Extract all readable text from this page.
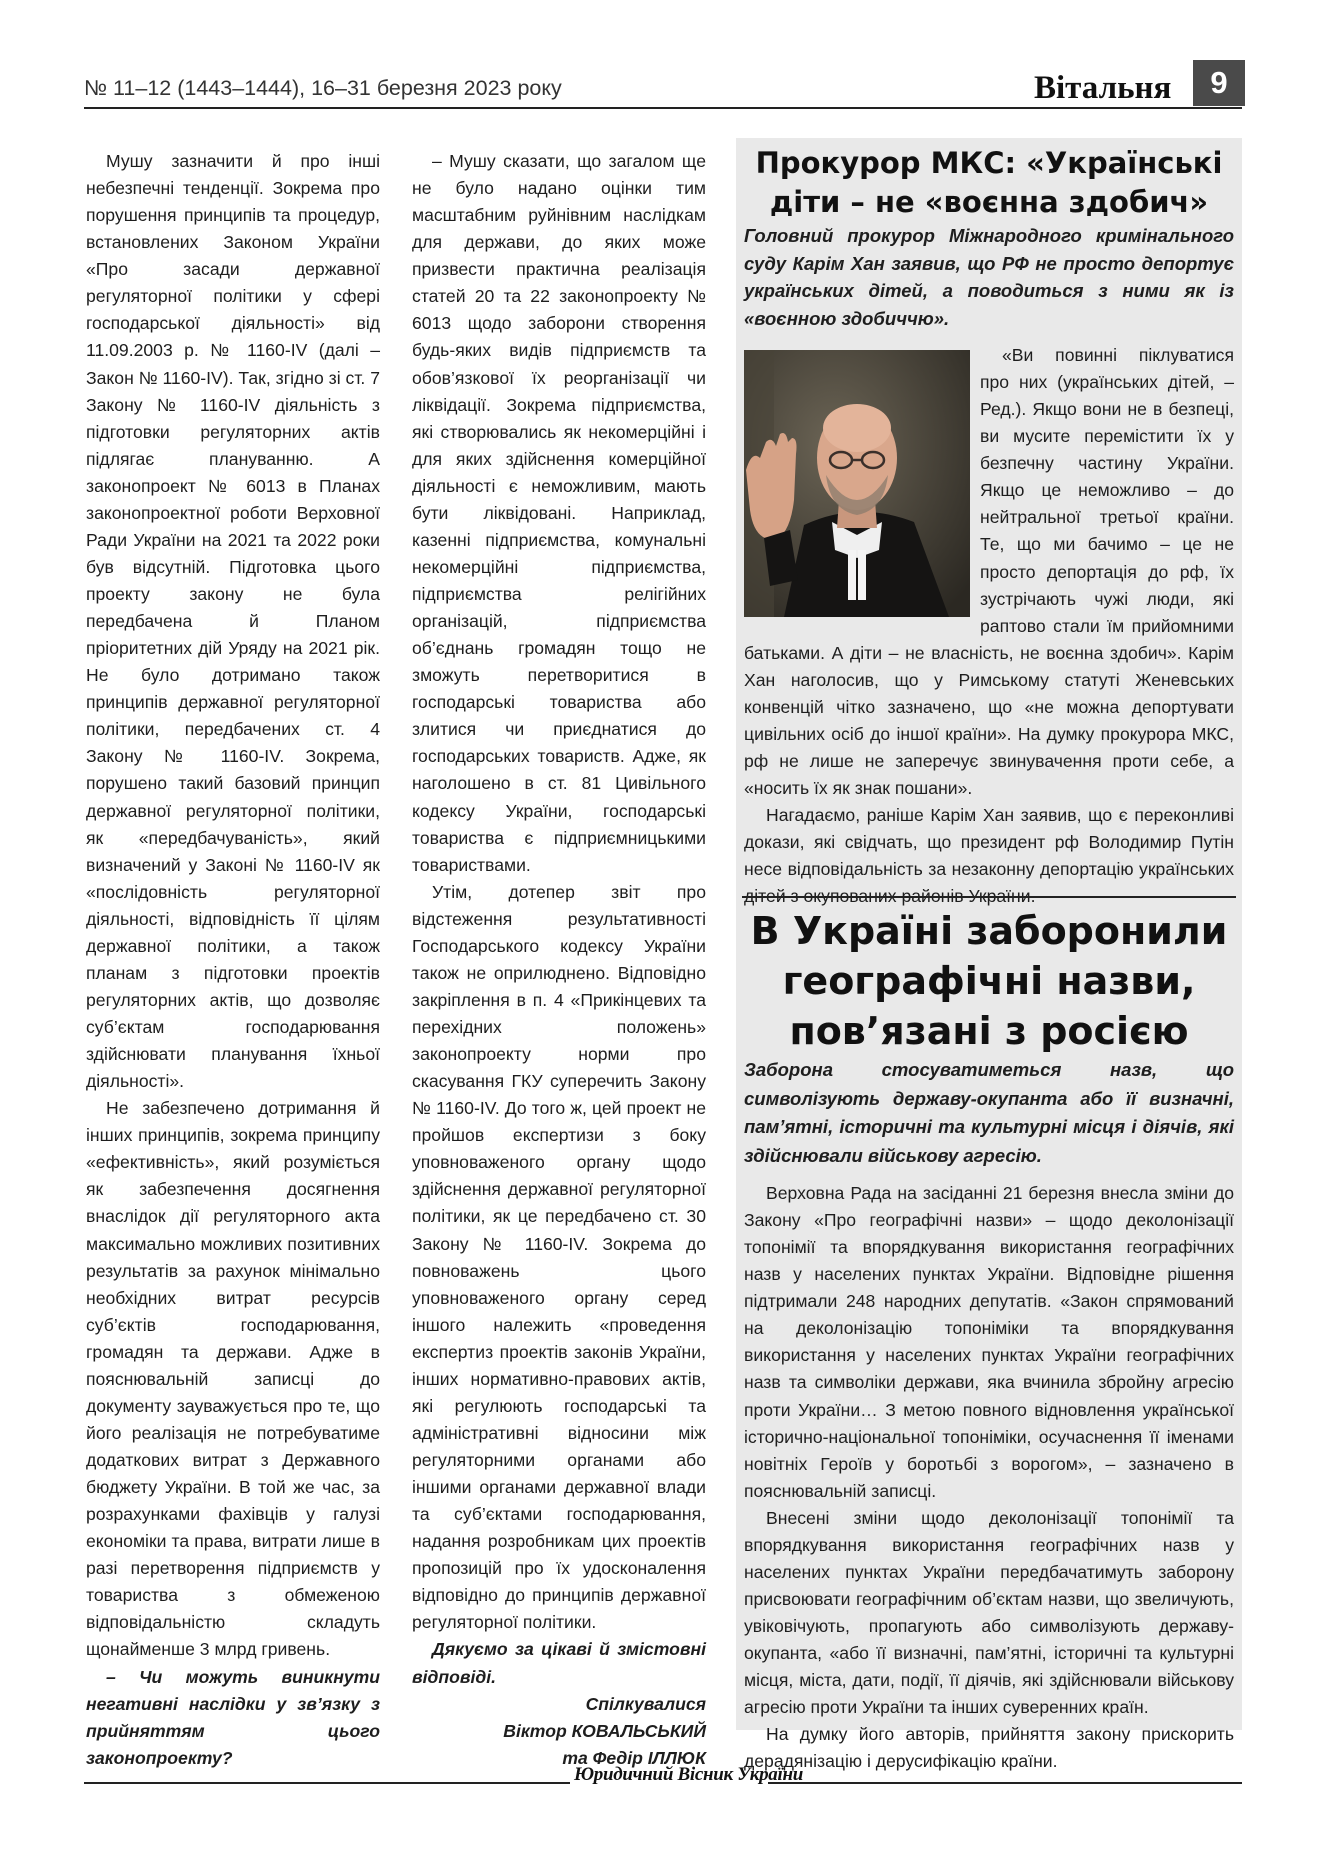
№ 11–12 (1443–1444), 16–31 березня 2023 року	Вітальня	9

Мушу зазначити й про інші небезпечні тенденції. Зокрема про порушення принципів та процедур, встановлених Законом України «Про засади державної регуляторної політики у сфері господарської діяльності» від 11.09.2003 р. № 1160-IV (далі – Закон № 1160-IV). Так, згідно зі ст. 7 Закону № 1160-IV діяльність з підготовки регуляторних актів підлягає плануванню. А законопроект № 6013 в Планах законопроектної роботи Верховної Ради України на 2021 та 2022 роки був відсутній. Підготовка цього проекту закону не була передбачена й Планом пріоритетних дій Уряду на 2021 рік. Не було дотримано також принципів державної регуляторної політики, передбачених ст. 4 Закону № 1160-IV. Зокрема, порушено такий базовий принцип державної регуляторної політики, як «передбачуваність», який визначений у Законі № 1160-IV як «послідовність регуляторної діяльності, відповідність її цілям державної політики, а також планам з підготовки проектів регуляторних актів, що дозволяє суб’єктам господарювання здійснювати планування їхньої діяльності».

Не забезпечено дотримання й інших принципів, зокрема принципу «ефективність», який розуміється як забезпечення досягнення внаслідок дії регуляторного акта максимально можливих позитивних результатів за рахунок мінімально необхідних витрат ресурсів суб’єктів господарювання, громадян та держави. Адже в пояснювальній записці до документу зауважується про те, що його реалізація не потребуватиме додаткових витрат з Державного бюджету України. В той же час, за розрахунками фахівців у галузі економіки та права, витрати лише в разі перетворення підприємств у товариства з обмеженою відповідальністю складуть щонайменше 3 млрд гривень.

– Чи можуть виникнути негативні наслідки у зв’язку з прийняттям цього законопроекту?

– Мушу сказати, що загалом ще не було надано оцінки тим масштабним руйнівним наслідкам для держави, до яких може призвести практична реалізація статей 20 та 22 законопроекту № 6013 щодо заборони створення будь-яких видів підприємств та обов’язкової їх реорганізації чи ліквідації. Зокрема підприємства, які створювались як некомерційні і для яких здійснення комерційної діяльності є неможливим, мають бути ліквідовані. Наприклад, казенні підприємства, комунальні некомерційні підприємства, підприємства релігійних організацій, підприємства об’єднань громадян тощо не зможуть перетворитися в господарські товариства або злитися чи приєднатися до господарських товариств. Адже, як наголошено в ст. 81 Цивільного кодексу України, господарські товариства є підприємницькими товариствами.

Утім, дотепер звіт про відстеження результативності Господарського кодексу України також не оприлюднено. Відповідно закріплення в п. 4 «Прикінцевих та перехідних положень» законопроекту норми про скасування ГКУ суперечить Закону № 1160-IV. До того ж, цей проект не пройшов експертизи з боку уповноваженого органу щодо здійснення державної регуляторної політики, як це передбачено ст. 30 Закону № 1160-IV. Зокрема до повноважень цього уповноваженого органу серед іншого належить «проведення експертиз проектів законів України, інших нормативно-правових актів, які регулюють господарські та адміністративні відносини між регуляторними органами або іншими органами державної влади та суб’єктами господарювання, надання розробникам цих проектів пропозицій про їх удосконалення відповідно до принципів державної регуляторної політики.

Дякуємо за цікаві й змістовні відповіді.

Спілкувалися
Віктор КОВАЛЬСЬКИЙ
та Федір ІЛЛЮК

Прокурор МКС: «Українські діти – не «воєнна здобич»

Головний прокурор Міжнародного кримінального суду Карім Хан заявив, що РФ не просто депортує українських дітей, а поводиться з ними як із «воєнною здобиччю».

«Ви повинні піклуватися про них (українських дітей, – Ред.). Якщо вони не в безпеці, ви мусите перемістити їх у безпечну частину України. Якщо це неможливо – до нейтральної третьої країни. Те, що ми бачимо – це не просто депортація до рф, їх зустрічають чужі люди, які раптово стали їм прийомними батьками. А діти – не власність, не воєнна здобич». Карім Хан наголосив, що у Римському статуті Женевських конвенцій чітко зазначено, що «не можна депортувати цивільних осіб до іншої країни». На думку прокурора МКС, рф не лише не заперечує звинувачення проти себе, а «носить їх як знак пошани».

Нагадаємо, раніше Карім Хан заявив, що є переконливі докази, які свідчать, що президент рф Володимир Путін несе відповідальність за незаконну депортацію українських дітей з окупованих районів України.

В Україні заборонили географічні назви, пов’язані з росією

Заборона стосуватиметься назв, що символізують державу-окупанта або її визначні, пам’ятні, історичні та культурні місця і діячів, які здійснювали військову агресію.

Верховна Рада на засіданні 21 березня внесла зміни до Закону «Про географічні назви» – щодо деколонізації топонімії та впорядкування використання географічних назв у населених пунктах України. Відповідне рішення підтримали 248 народних депутатів. «Закон спрямований на деколонізацію топоніміки та впорядкування використання у населених пунктах України географічних назв та символіки держави, яка вчинила збройну агресію проти України… З метою повного відновлення української історично-національної топоніміки, осучаснення її іменами новітніх Героїв у боротьбі з ворогом», – зазначено в пояснювальній записці.

Внесені зміни щодо деколонізації топонімії та впорядкування використання географічних назв у населених пунктах України передбачатимуть заборону присвоювати географічним об’єктам назви, що звеличують, увіковічують, пропагують або символізують державу-окупанта, «або її визначні, пам’ятні, історичні та культурні місця, міста, дати, події, її діячів, які здійснювали військову агресію проти України та інших суверенних країн.

На думку його авторів, прийняття закону прискорить дерадянізацію і дерусифікацію країни.

Юридичний Вісник України
